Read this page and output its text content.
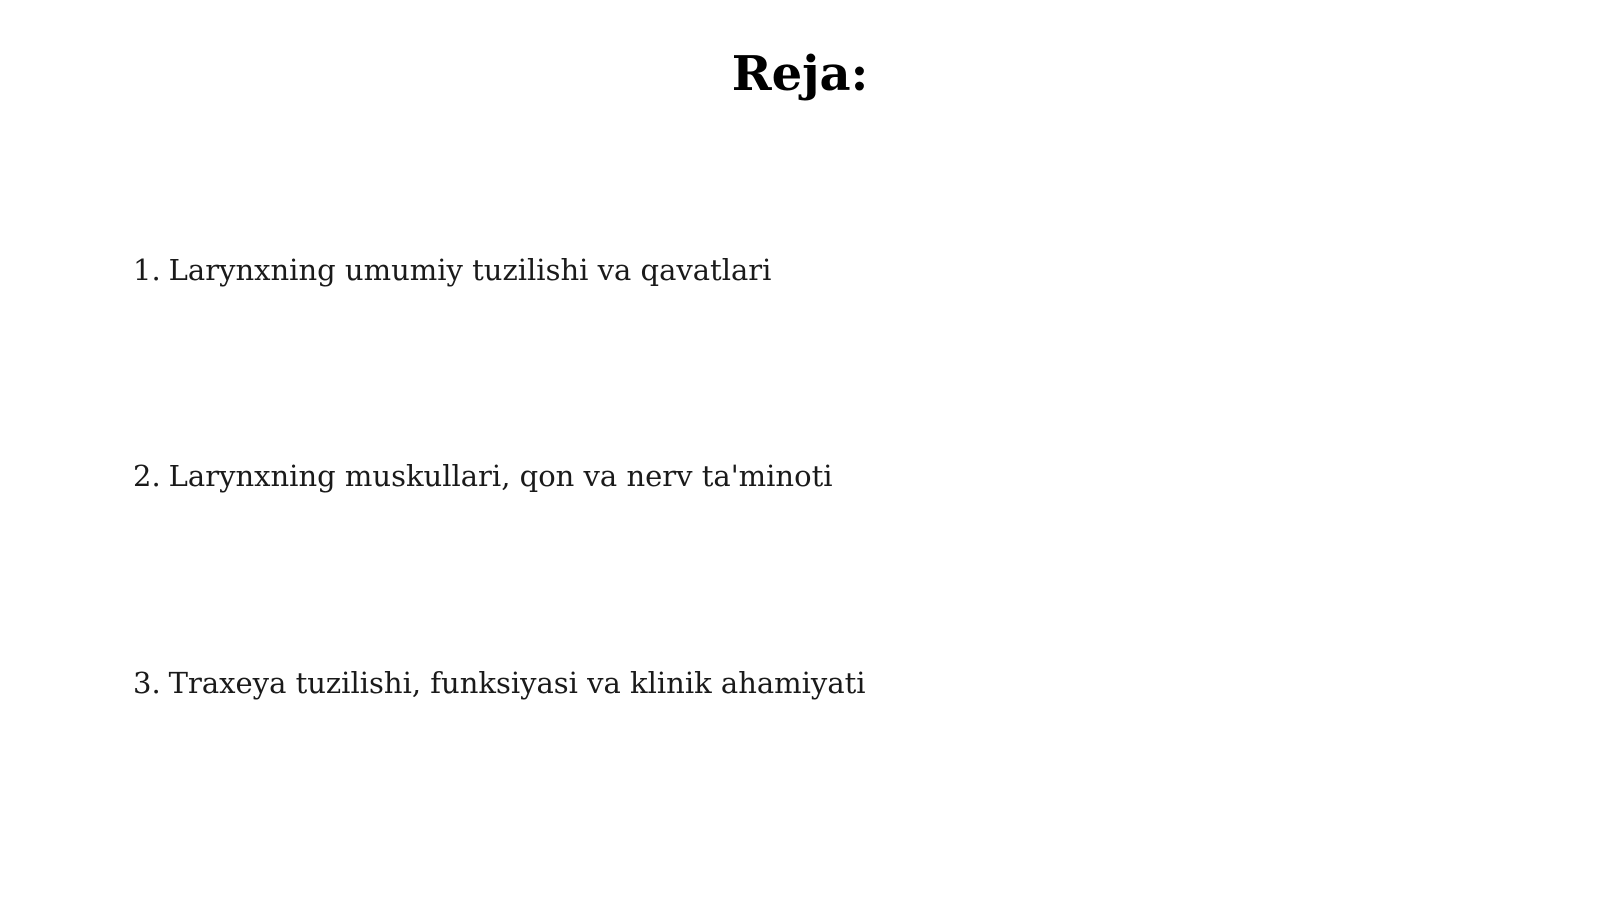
Reja:
1. Larynxning umumiy tuzilishi va qavatlari
2. Larynxning muskullari, qon va nerv ta'minoti
3. Traxeya tuzilishi, funksiyasi va klinik ahamiyati
